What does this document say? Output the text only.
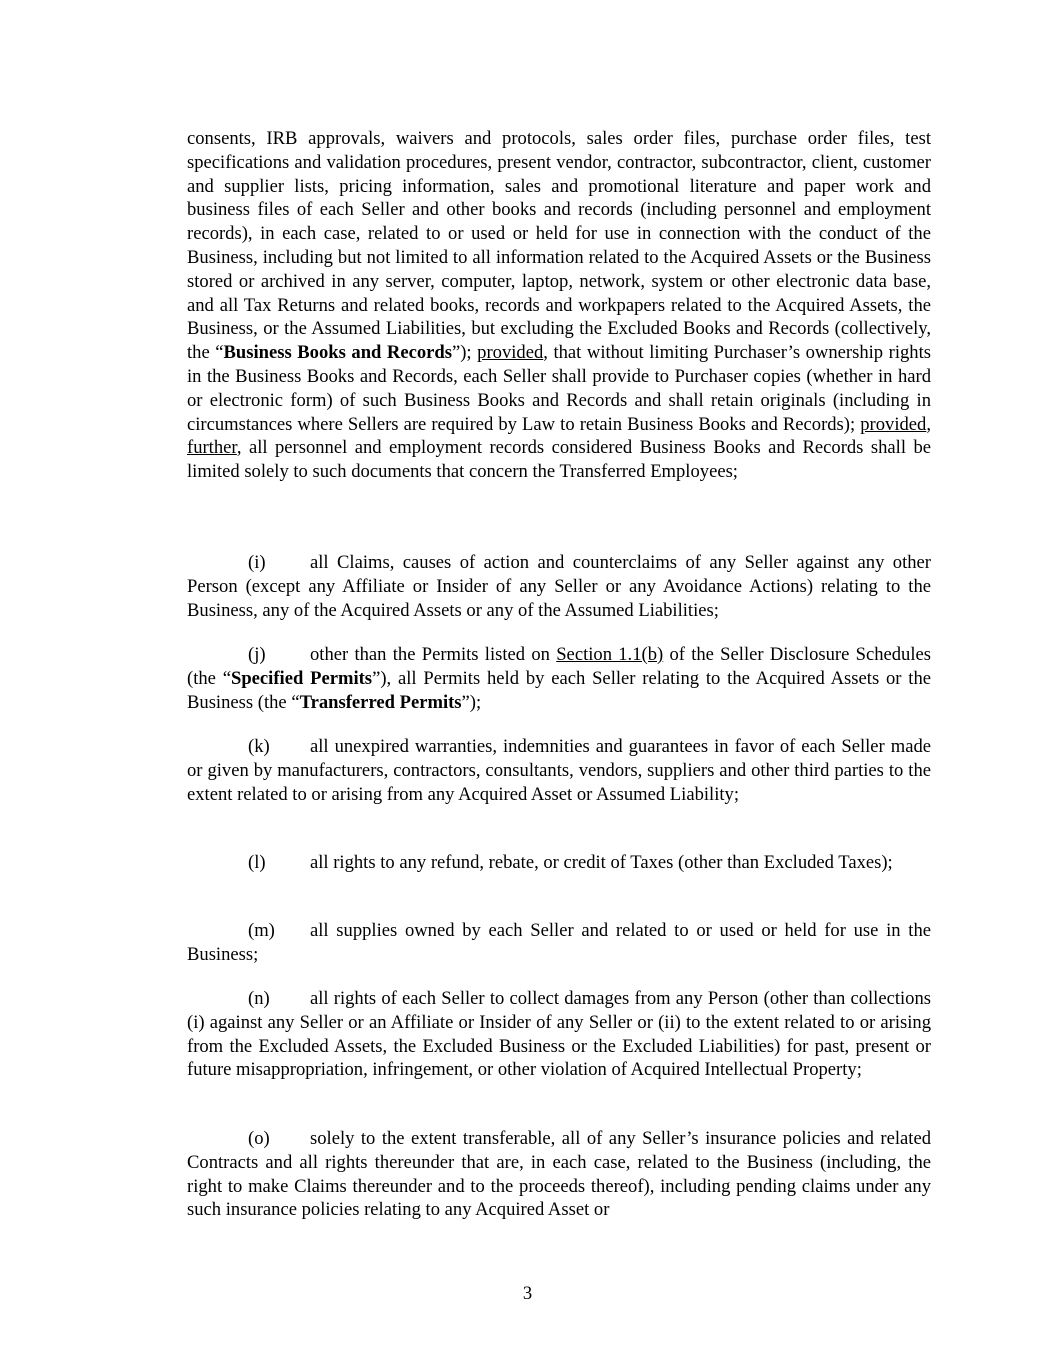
consents, IRB approvals, waivers and protocols, sales order files, purchase order files, test specifications and validation procedures, present vendor, contractor, subcontractor, client, customer and supplier lists, pricing information, sales and promotional literature and paper work and business files of each Seller and other books and records (including personnel and employment records), in each case, related to or used or held for use in connection with the conduct of the Business, including but not limited to all information related to the Acquired Assets or the Business stored or archived in any server, computer, laptop, network, system or other electronic data base, and all Tax Returns and related books, records and workpapers related to the Acquired Assets, the Business, or the Assumed Liabilities, but excluding the Excluded Books and Records (collectively, the “Business Books and Records”); provided, that without limiting Purchaser’s ownership rights in the Business Books and Records, each Seller shall provide to Purchaser copies (whether in hard or electronic form) of such Business Books and Records and shall retain originals (including in circumstances where Sellers are required by Law to retain Business Books and Records); provided, further, all personnel and employment records considered Business Books and Records shall be limited solely to such documents that concern the Transferred Employees;

(i) all Claims, causes of action and counterclaims of any Seller against any other Person (except any Affiliate or Insider of any Seller or any Avoidance Actions) relating to the Business, any of the Acquired Assets or any of the Assumed Liabilities;

(j) other than the Permits listed on Section 1.1(b) of the Seller Disclosure Schedules (the “Specified Permits”), all Permits held by each Seller relating to the Acquired Assets or the Business (the “Transferred Permits”);

(k) all unexpired warranties, indemnities and guarantees in favor of each Seller made or given by manufacturers, contractors, consultants, vendors, suppliers and other third parties to the extent related to or arising from any Acquired Asset or Assumed Liability;

(l) all rights to any refund, rebate, or credit of Taxes (other than Excluded Taxes);

(m) all supplies owned by each Seller and related to or used or held for use in the Business;

(n) all rights of each Seller to collect damages from any Person (other than collections (i) against any Seller or an Affiliate or Insider of any Seller or (ii) to the extent related to or arising from the Excluded Assets, the Excluded Business or the Excluded Liabilities) for past, present or future misappropriation, infringement, or other violation of Acquired Intellectual Property;

(o) solely to the extent transferable, all of any Seller’s insurance policies and related Contracts and all rights thereunder that are, in each case, related to the Business (including, the right to make Claims thereunder and to the proceeds thereof), including pending claims under any such insurance policies relating to any Acquired Asset or

3
